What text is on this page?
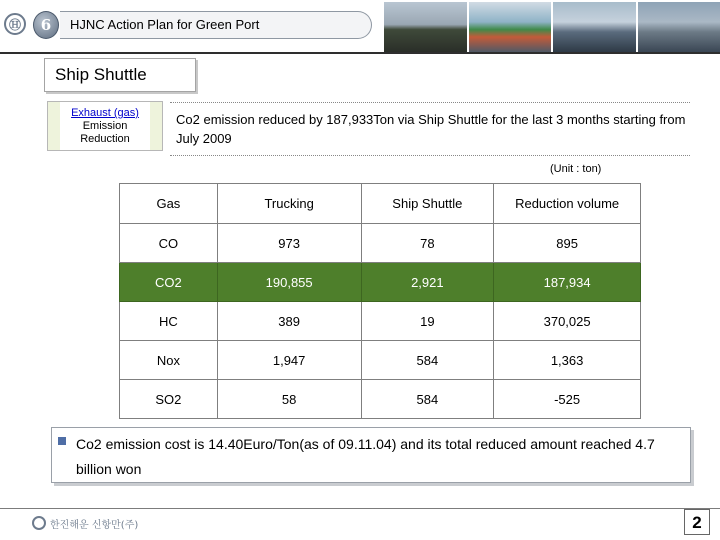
Ⓗ	6	HJNC Action Plan for Green Port
Ship Shuttle
Exhaust (gas)
Emission Reduction
Co2 emission reduced by 187,933Ton via Ship Shuttle for the last 3 months starting from July 2009
(Unit : ton)
Gas	Trucking	Ship Shuttle	Reduction volume
CO	973	78	895
CO2	190,855	2,921	187,934
HC	389	19	370,025
Nox	1,947	584	1,363
SO2	58	584	-525
Co2 emission cost is 14.40Euro/Ton(as of 09.11.04) and its total reduced amount reached 4.7 billion won
한진해운 신항만(주)	2
